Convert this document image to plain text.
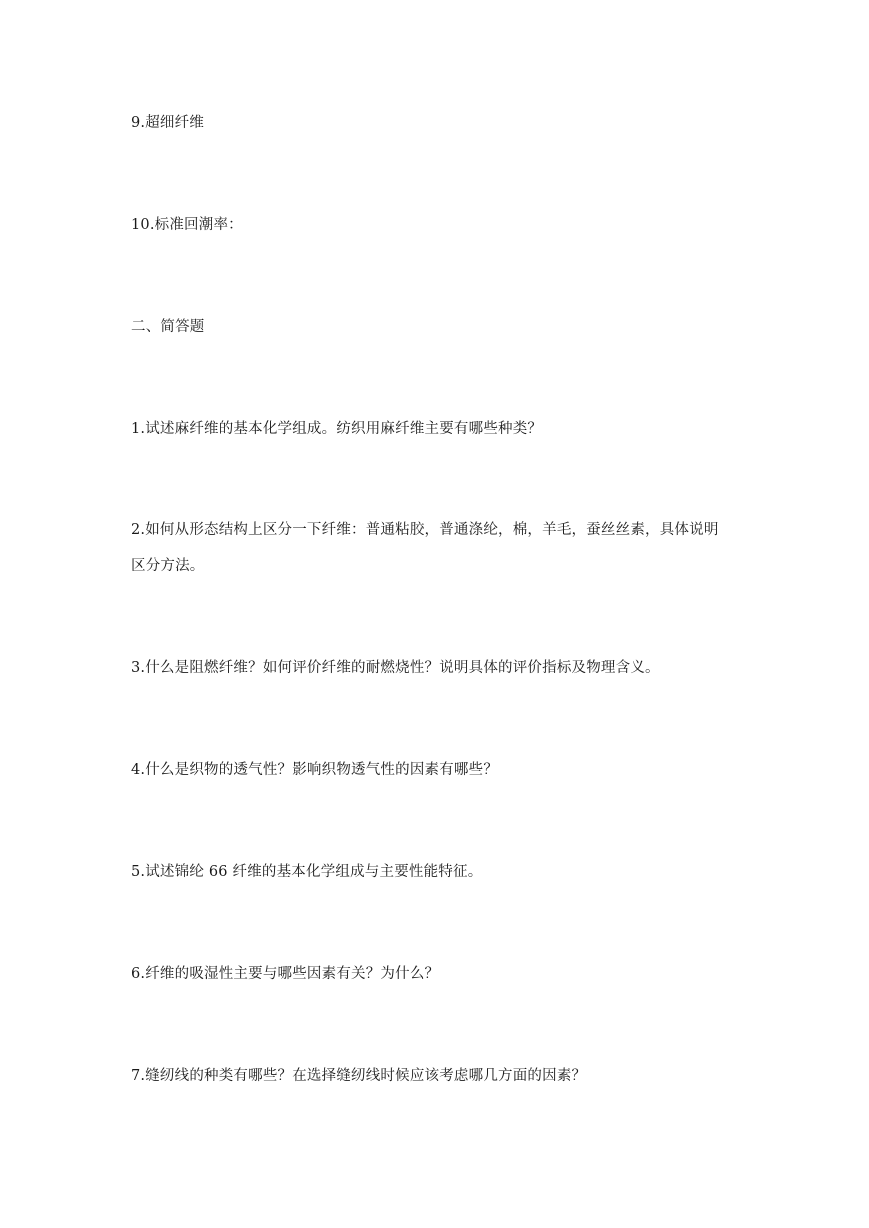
9.超细纤维
10.标准回潮率：
二、简答题
1.试述麻纤维的基本化学组成。纺织用麻纤维主要有哪些种类？
2.如何从形态结构上区分一下纤维：普通粘胶，普通涤纶，棉，羊毛，蚕丝丝素，具体说明
区分方法。
3.什么是阻燃纤维？如何评价纤维的耐燃烧性？说明具体的评价指标及物理含义。
4.什么是织物的透气性？影响织物透气性的因素有哪些？
5.试述锦纶 66 纤维的基本化学组成与主要性能特征。
6.纤维的吸湿性主要与哪些因素有关？为什么？
7.缝纫线的种类有哪些？在选择缝纫线时候应该考虑哪几方面的因素？
